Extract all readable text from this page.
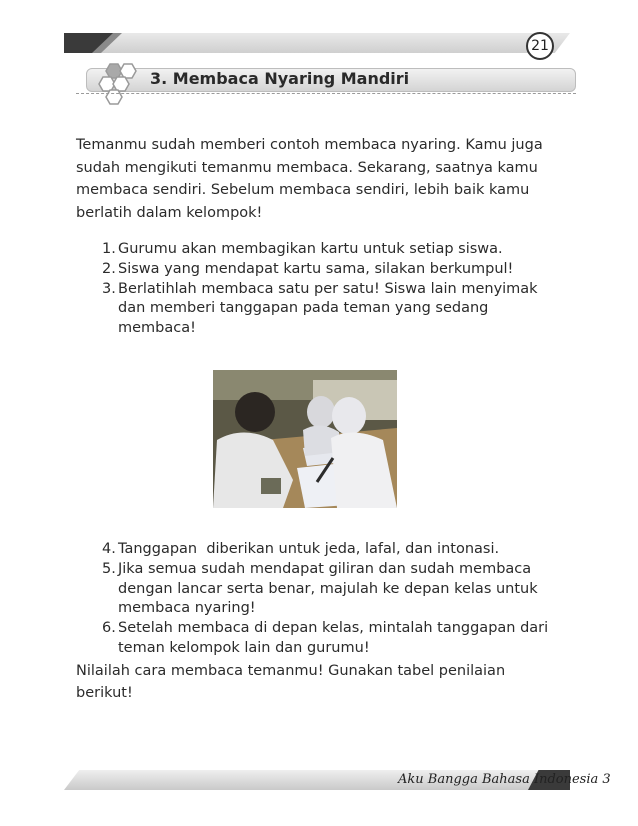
21
3. Membaca Nyaring Mandiri
Temanmu sudah memberi contoh membaca nyaring. Kamu juga sudah mengikuti temanmu membaca. Sekarang, saatnya kamu membaca sendiri. Sebelum membaca sendiri, lebih baik kamu berlatih dalam kelompok!
1. Gurumu akan membagikan kartu untuk setiap siswa.
2. Siswa yang mendapat kartu sama, silakan berkumpul!
3. Berlatihlah membaca satu per satu! Siswa lain menyimak dan memberi tanggapan pada teman yang sedang membaca!
4. Tanggapan  diberikan untuk jeda, lafal, dan intonasi.
5. Jika semua sudah mendapat giliran dan sudah membaca dengan lancar serta benar, majulah ke depan kelas untuk membaca nyaring!
6. Setelah membaca di depan kelas, mintalah tanggapan dari teman kelompok lain dan gurumu!
Nilailah cara membaca temanmu! Gunakan tabel penilaian berikut!
Aku Bangga Bahasa Indonesia 3
